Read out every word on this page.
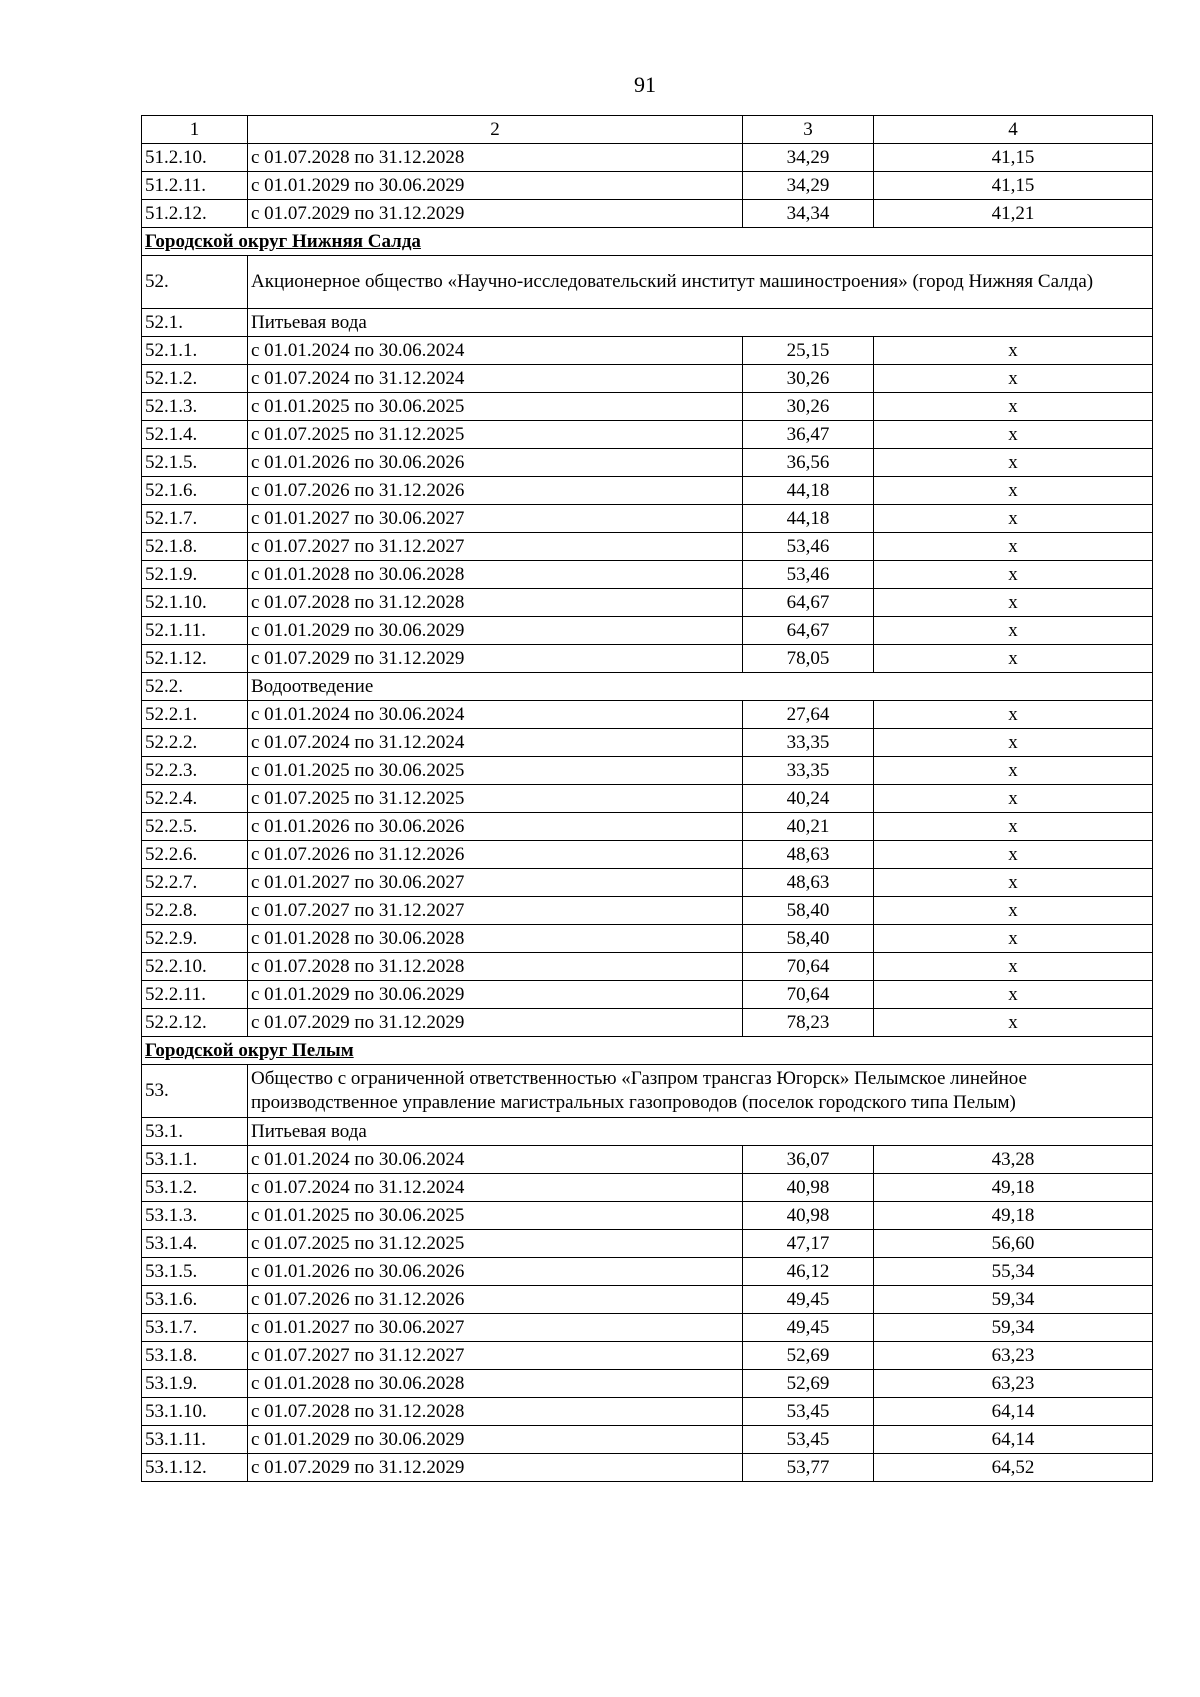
91
1	2	3	4
51.2.10.	с 01.07.2028 по 31.12.2028	34,29	41,15
51.2.11.	с 01.01.2029 по 30.06.2029	34,29	41,15
51.2.12.	с 01.07.2029 по 31.12.2029	34,34	41,21
Городской округ Нижняя Салда			
52.	Акционерное общество «Научно-исследовательский институт машиностроения» (город Нижняя Салда)		
52.1.	Питьевая вода		
52.1.1.	с 01.01.2024 по 30.06.2024	25,15	х
52.1.2.	с 01.07.2024 по 31.12.2024	30,26	х
52.1.3.	с 01.01.2025 по 30.06.2025	30,26	х
52.1.4.	с 01.07.2025 по 31.12.2025	36,47	х
52.1.5.	с 01.01.2026 по 30.06.2026	36,56	х
52.1.6.	с 01.07.2026 по 31.12.2026	44,18	х
52.1.7.	с 01.01.2027 по 30.06.2027	44,18	х
52.1.8.	с 01.07.2027 по 31.12.2027	53,46	х
52.1.9.	с 01.01.2028 по 30.06.2028	53,46	х
52.1.10.	с 01.07.2028 по 31.12.2028	64,67	х
52.1.11.	с 01.01.2029 по 30.06.2029	64,67	х
52.1.12.	с 01.07.2029 по 31.12.2029	78,05	х
52.2.	Водоотведение		
52.2.1.	с 01.01.2024 по 30.06.2024	27,64	х
52.2.2.	с 01.07.2024 по 31.12.2024	33,35	х
52.2.3.	с 01.01.2025 по 30.06.2025	33,35	х
52.2.4.	с 01.07.2025 по 31.12.2025	40,24	х
52.2.5.	с 01.01.2026 по 30.06.2026	40,21	х
52.2.6.	с 01.07.2026 по 31.12.2026	48,63	х
52.2.7.	с 01.01.2027 по 30.06.2027	48,63	х
52.2.8.	с 01.07.2027 по 31.12.2027	58,40	х
52.2.9.	с 01.01.2028 по 30.06.2028	58,40	х
52.2.10.	с 01.07.2028 по 31.12.2028	70,64	х
52.2.11.	с 01.01.2029 по 30.06.2029	70,64	х
52.2.12.	с 01.07.2029 по 31.12.2029	78,23	х
Городской округ Пелым			
53.	Общество с ограниченной ответственностью «Газпром трансгаз Югорск» Пелымское линейное производственное управление магистральных газопроводов (поселок городского типа Пелым)		
53.1.	Питьевая вода		
53.1.1.	с 01.01.2024 по 30.06.2024	36,07	43,28
53.1.2.	с 01.07.2024 по 31.12.2024	40,98	49,18
53.1.3.	с 01.01.2025 по 30.06.2025	40,98	49,18
53.1.4.	с 01.07.2025 по 31.12.2025	47,17	56,60
53.1.5.	с 01.01.2026 по 30.06.2026	46,12	55,34
53.1.6.	с 01.07.2026 по 31.12.2026	49,45	59,34
53.1.7.	с 01.01.2027 по 30.06.2027	49,45	59,34
53.1.8.	с 01.07.2027 по 31.12.2027	52,69	63,23
53.1.9.	с 01.01.2028 по 30.06.2028	52,69	63,23
53.1.10.	с 01.07.2028 по 31.12.2028	53,45	64,14
53.1.11.	с 01.01.2029 по 30.06.2029	53,45	64,14
53.1.12.	с 01.07.2029 по 31.12.2029	53,77	64,52
